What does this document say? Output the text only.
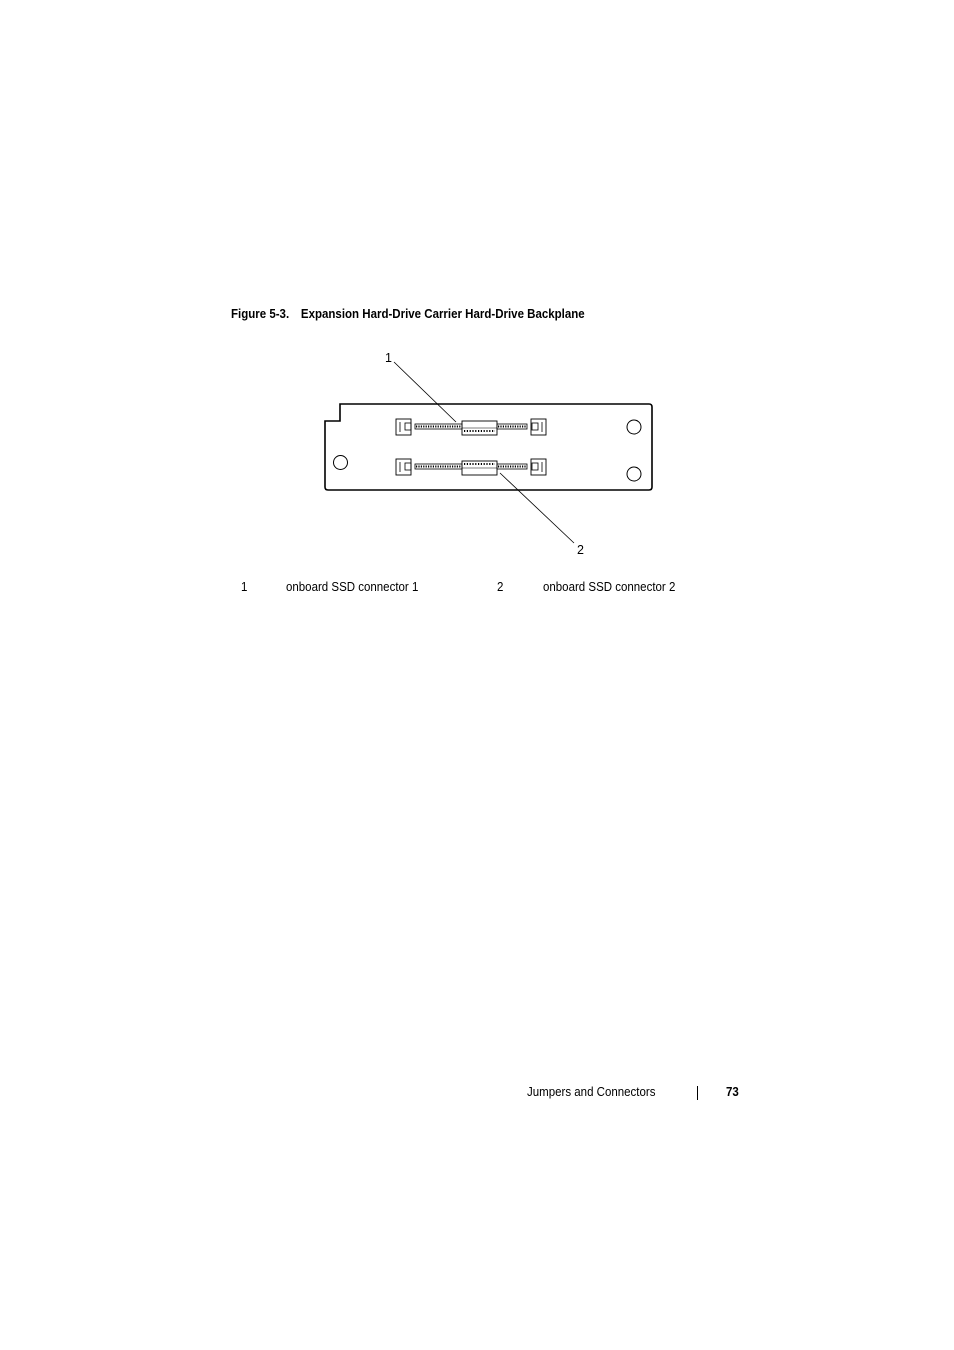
Figure 5-3. Expansion Hard-Drive Carrier Hard-Drive Backplane
1
2
1	onboard SSD connector 1	2	onboard SSD connector 2
Jumpers and Connectors	73
